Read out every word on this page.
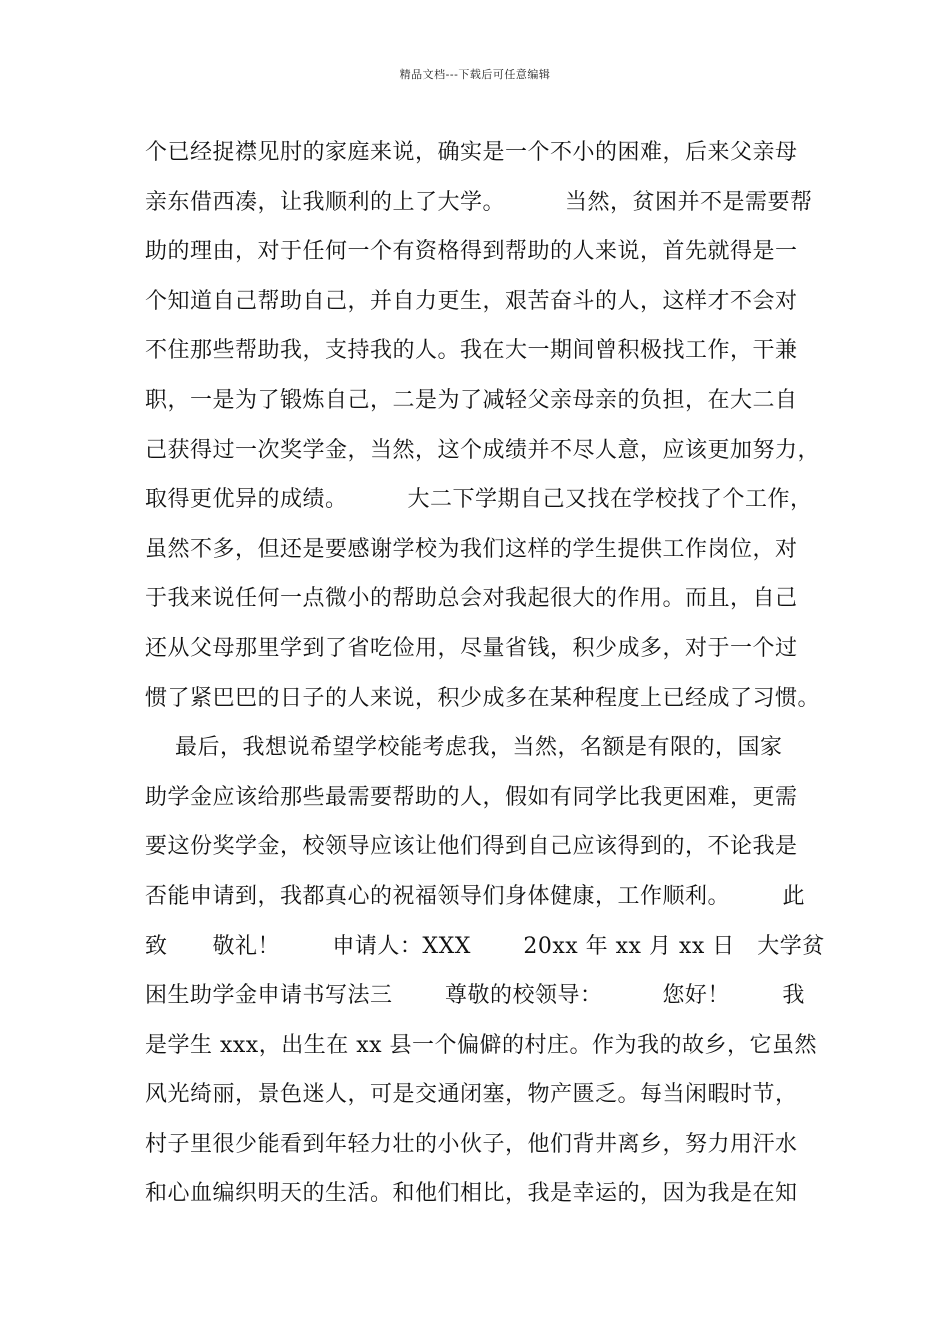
精品文档---下载后可任意编辑
个已经捉襟见肘的家庭来说，确实是一个不小的困难，后来父亲母
亲东借西凑，让我顺利的上了大学。        当然，贫困并不是需要帮
助的理由，对于任何一个有资格得到帮助的人来说，首先就得是一
个知道自己帮助自己，并自力更生，艰苦奋斗的人，这样才不会对
不住那些帮助我，支持我的人。我在大一期间曾积极找工作，干兼
职，一是为了锻炼自己，二是为了减轻父亲母亲的负担，在大二自
己获得过一次奖学金，当然，这个成绩并不尽人意，应该更加努力，
取得更优异的成绩。        大二下学期自己又找在学校找了个工作，
虽然不多，但还是要感谢学校为我们这样的学生提供工作岗位，对
于我来说任何一点微小的帮助总会对我起很大的作用。而且，自己
还从父母那里学到了省吃俭用，尽量省钱，积少成多，对于一个过
惯了紧巴巴的日子的人来说，积少成多在某种程度上已经成了习惯。
最后，我想说希望学校能考虑我，当然，名额是有限的，国家
助学金应该给那些最需要帮助的人，假如有同学比我更困难，更需
要这份奖学金，校领导应该让他们得到自己应该得到的，不论我是
否能申请到，我都真心的祝福领导们身体健康，工作顺利。       此
致      敬礼！       申请人：XXX       20xx 年 xx 月 xx 日   大学贫
困生助学金申请书写法三       尊敬的校领导：        您好！       我
是学生 xxx，出生在 xx 县一个偏僻的村庄。作为我的故乡，它虽然
风光绮丽，景色迷人，可是交通闭塞，物产匮乏。每当闲暇时节，
村子里很少能看到年轻力壮的小伙子，他们背井离乡，努力用汗水
和心血编织明天的生活。和他们相比，我是幸运的，因为我是在知
